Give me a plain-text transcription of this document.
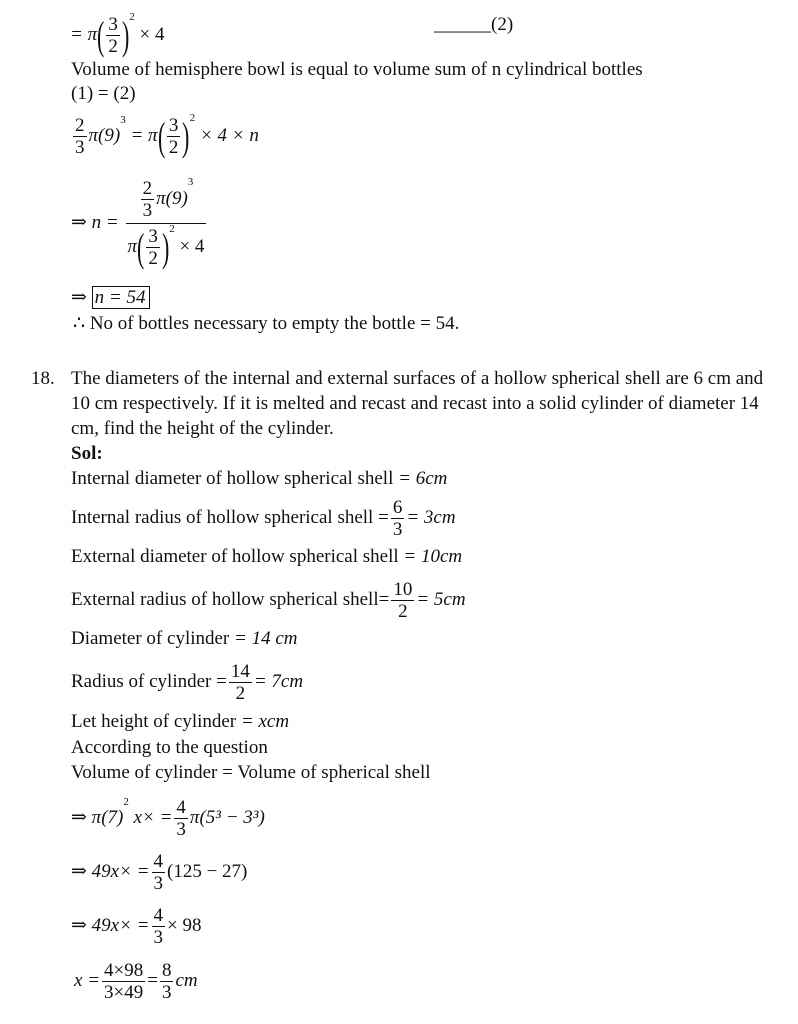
= $\pi( \frac{3}{2} )^2 \times 4$	______(2)
Volume of hemisphere bowl is equal to volume sum of n cylindrical bottles
(1) = (2)
$\frac{2}{3} \pi(9)^3 = \pi( \frac{3}{2} )^2 \times 4 \times n$
⇒ $n = \frac{\frac{2}{3} \pi(9)^3}{\pi( \frac{3}{2} )^2 \times 4}$
⇒ n = 54
∴ No of bottles necessary to empty the bottle = 54.
18. The diameters of the internal and external surfaces of a hollow spherical shell are 6 cm and
10 cm respectively. If it is melted and recast and recast into a solid cylinder of diameter 14
cm, find the height of the cylinder.
Sol:
Internal diameter of hollow spherical shell = 6cm
Internal radius of hollow spherical shell = $\frac{6}{3} = 3cm$
External diameter of hollow spherical shell = 10cm
External radius of hollow spherical shell= $\frac{10}{2} = 5cm$
Diameter of cylinder = 14 cm
Radius of cylinder = $\frac{14}{2} = 7cm$
Let height of cylinder = xcm
According to the question
Volume of cylinder = Volume of spherical shell
⇒ $\pi(7)^2$ $x\times = \frac{4}{3} \pi(5^3 - 3^3)$
⇒ $49x\times = \frac{4}{3} (125 - 27)$
⇒ $49x\times = \frac{4}{3} \times 98$
$x = \frac{4\times 98}{3\times 49} = \frac{8}{3}$ cm
